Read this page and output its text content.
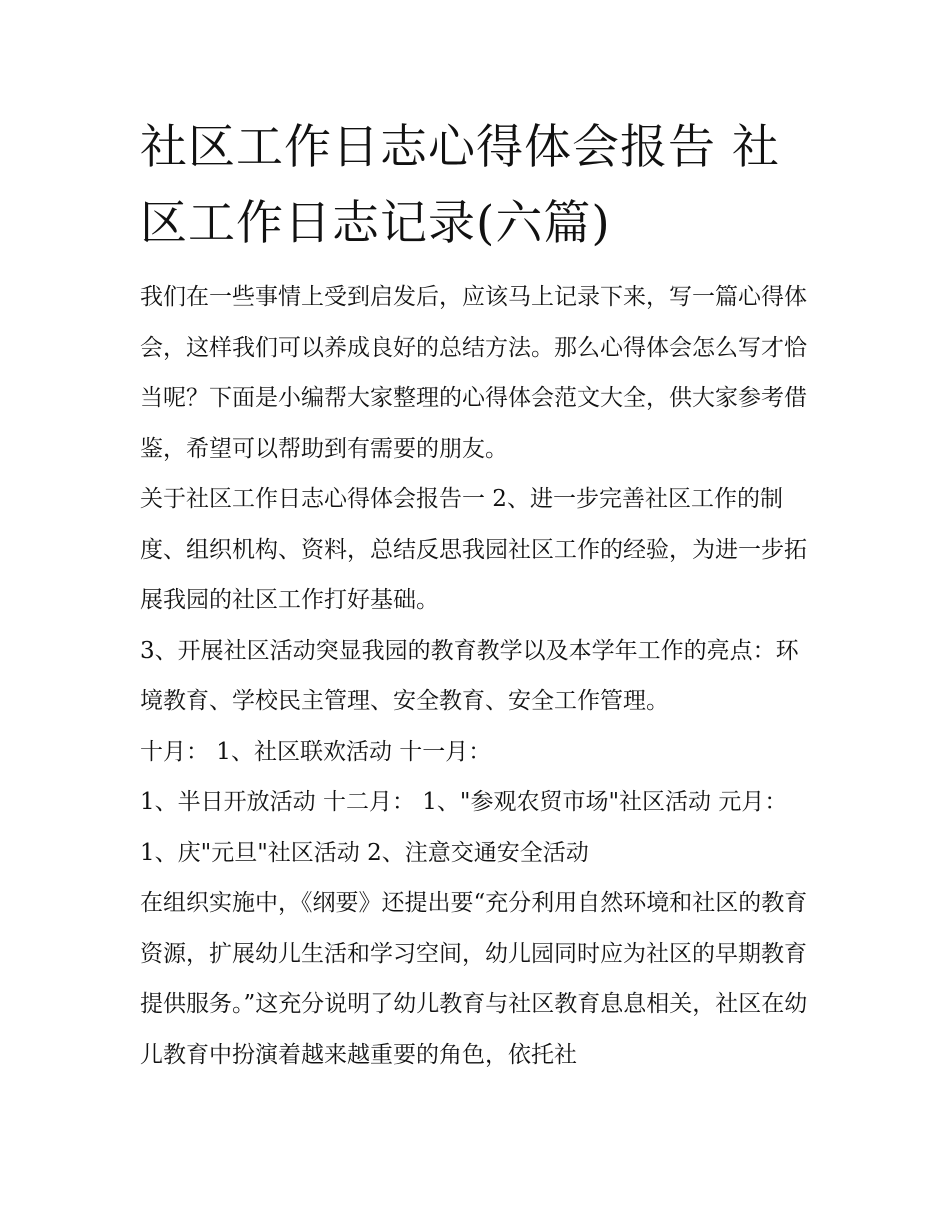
社区工作日志心得体会报告 社区工作日志记录(六篇)

我们在一些事情上受到启发后，应该马上记录下来，写一篇心得体会，这样我们可以养成良好的总结方法。那么心得体会怎么写才恰当呢？下面是小编帮大家整理的心得体会范文大全，供大家参考借鉴，希望可以帮助到有需要的朋友。

关于社区工作日志心得体会报告一 2、进一步完善社区工作的制度、组织机构、资料，总结反思我园社区工作的经验，为进一步拓展我园的社区工作打好基础。

3、开展社区活动突显我园的教育教学以及本学年工作的亮点：环境教育、学校民主管理、安全教育、安全工作管理。

十月： 1、社区联欢活动 十一月：

1、半日开放活动 十二月： 1、"参观农贸市场"社区活动 元月： 1、庆"元旦"社区活动 2、注意交通安全活动

在组织实施中，《纲要》还提出要“充分利用自然环境和社区的教育资源，扩展幼儿生活和学习空间，幼儿园同时应为社区的早期教育提供服务。”这充分说明了幼儿教育与社区教育息息相关，社区在幼儿教育中扮演着越来越重要的角色，依托社
